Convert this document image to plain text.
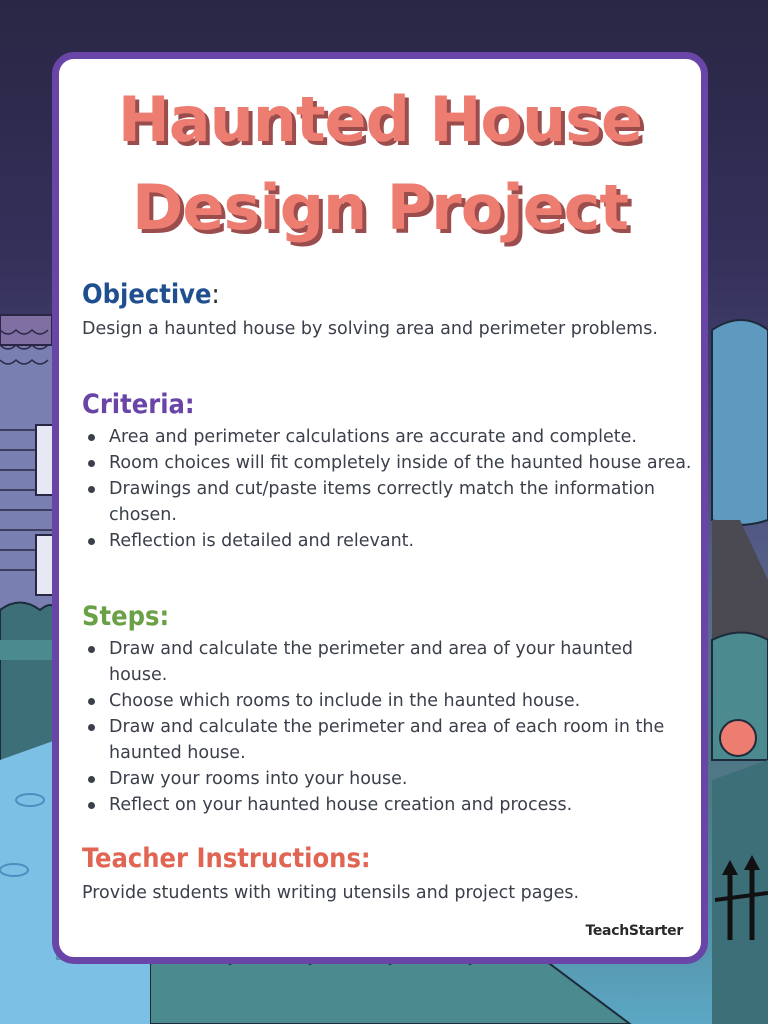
Haunted House
Design Project
Objective:

Design a haunted house by solving area and perimeter problems.

Criteria:
Area and perimeter calculations are accurate and complete.
Room choices will fit completely inside of the haunted house area.
Drawings and cut/paste items correctly match the information chosen.
Reflection is detailed and relevant.
Steps:
Draw and calculate the perimeter and area of your haunted house.
Choose which rooms to include in the haunted house.
Draw and calculate the perimeter and area of each room in the haunted house.
Draw your rooms into your house.
Reflect on your haunted house creation and process.
Teacher Instructions:

Provide students with writing utensils and project pages.

TeachStarter
